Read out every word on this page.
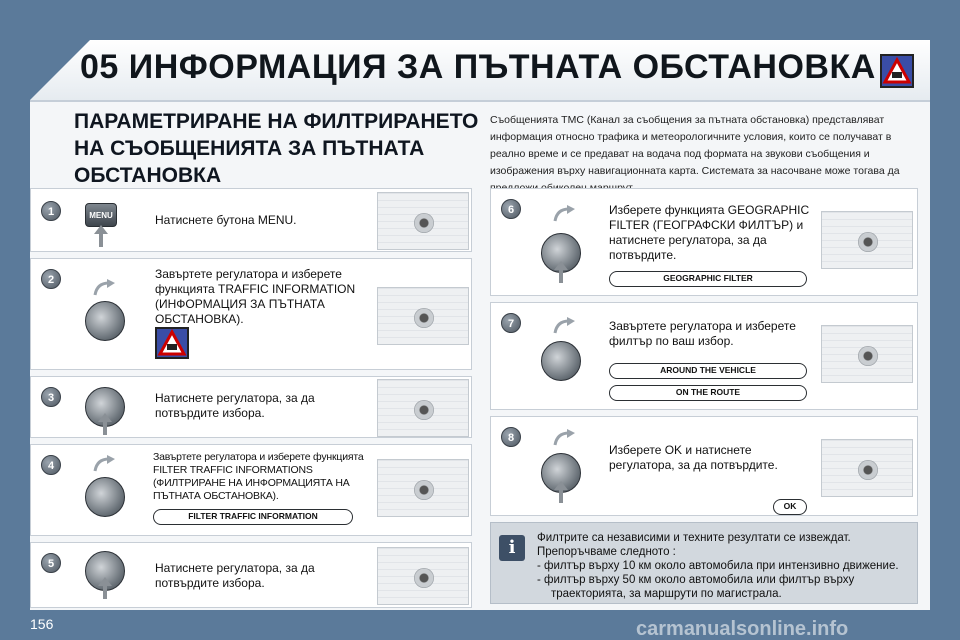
05 ИНФОРМАЦИЯ ЗА ПЪТНАТА ОБСТАНОВКА
ПАРАМЕТРИРАНЕ НА ФИЛТРИРАНЕТО
НА СЪОБЩЕНИЯТА ЗА ПЪТНАТА
ОБСТАНОВКА
Съобщенията TMC (Канал за съобщения за пътната обстановка) представляват информация относно трафика и метеорологичните условия, които се получават в реално време и се предават на водача под формата на звукови съобщения и изображения върху навигационната карта. Системата за насочване може тогава да
1	MENU	Натиснете бутона MENU.
2	Завъртете регулатора и изберете функцията TRAFFIC INFORMATION (ИНФОРМАЦИЯ ЗА ПЪТНАТА ОБСТАНОВКА).
3	Натиснете регулатора, за да потвърдите избора.
4
Завъртете регулатора и изберете функцията FILTER TRAFFIC INFORMATIONS (ФИЛТРИРАНЕ НА ИНФОРМАЦИЯТА НА ПЪТНАТА ОБСТАНОВКА).
FILTER TRAFFIC INFORMATION
5	Натиснете регулатора, за да потвърдите избора.
6	Изберете функцията GEOGRAPHIC FILTER (ГЕОГРАФСКИ ФИЛТЪР) и натиснете регулатора, за да потвърдите.
GEOGRAPHIC FILTER
7	Завъртете регулатора и изберете филтър по ваш избор.
AROUND THE VEHICLE
ON THE ROUTE
8
Изберете OK и натиснете регулатора, за да потвърдите.
OK
i	Филтрите са независими и техните резултати се извеждат.
Препоръчваме следното :
- филтър върху 10 км около автомобила при интензивно движение.
- филтър върху 50 км около автомобила или филтър върху траекторията, за маршрути по магистрала.
156	carmanualsonline.info
